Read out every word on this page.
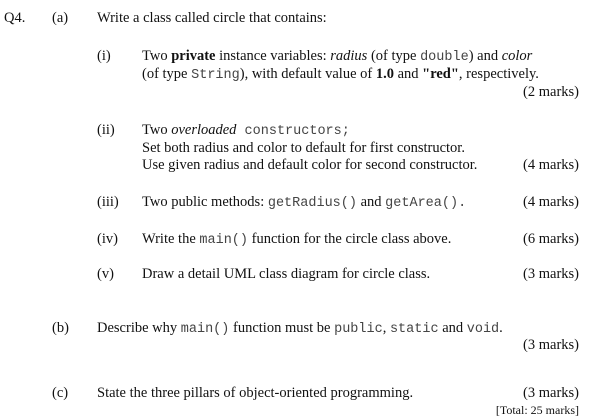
Q4. (a) Write a class called circle that contains:
(i) Two private instance variables: radius (of type double) and color
(of type String), with default value of 1.0 and "red", respectively.
(2 marks)
(ii) Two overloaded constructors;
Set both radius and color to default for first constructor.
Use given radius and default color for second constructor.	(4 marks)
(iii) Two public methods: getRadius() and getArea().	(4 marks)
(iv) Write the main() function for the circle class above.	(6 marks)
(v) Draw a detail UML class diagram for circle class.	(3 marks)
(b) Describe why main() function must be public, static and void.
(3 marks)
(c) State the three pillars of object-oriented programming.	(3 marks)
[Total: 25 marks]
